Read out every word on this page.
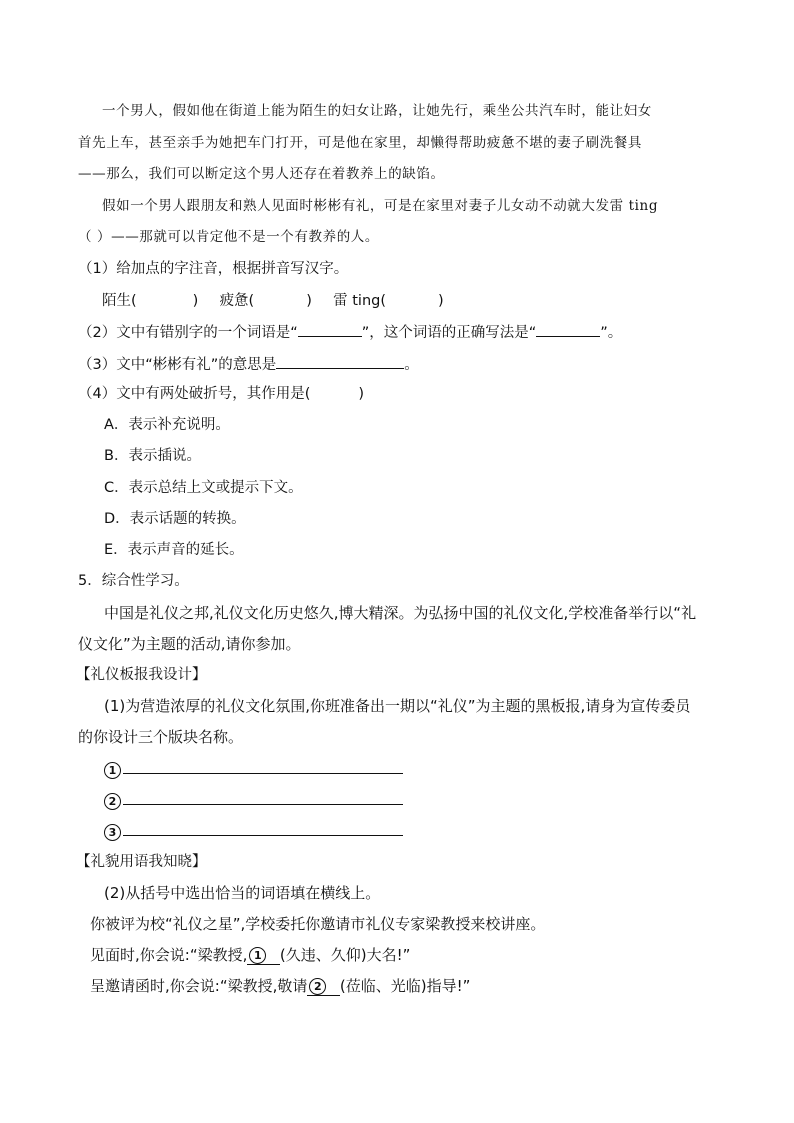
一个男人，假如他在街道上能为陌生的妇女让路，让她先行，乘坐公共汽车时，能让妇女
首先上车，甚至亲手为她把车门打开，可是他在家里，却懒得帮助疲惫不堪的妻子刷洗餐具
——那么，我们可以断定这个男人还存在着教养上的缺馅。
假如一个男人跟朋友和熟人见面时彬彬有礼，可是在家里对妻子儿女动不动就大发雷 ting
（ ）——那就可以肯定他不是一个有教养的人。
（1）给加点的字注音，根据拼音写汉字。
陌生(	) 疲惫(	) 雷 ting(	)
（2）文中有错别字的一个词语是“	”，这个词语的正确写法是“	”。
（3）文中“彬彬有礼”的意思是	。
（4）文中有两处破折号，其作用是(	)
A．表示补充说明。
B．表示插说。
C．表示总结上文或提示下文。
D．表示话题的转换。
E．表示声音的延长。
5．综合性学习。
中国是礼仪之邦,礼仪文化历史悠久,博大精深。为弘扬中国的礼仪文化,学校准备举行以“礼
仪文化”为主题的活动,请你参加。
【礼仪板报我设计】
(1)为营造浓厚的礼仪文化氛围,你班准备出一期以“礼仪”为主题的黑板报,请身为宣传委员
的你设计三个版块名称。
1
2
3
【礼貌用语我知晓】
(2)从括号中选出恰当的词语填在横线上。
你被评为校“礼仪之星”,学校委托你邀请市礼仪专家梁教授来校讲座。
见面时,你会说:“梁教授, 1 (久违、久仰)大名!”
呈邀请函时,你会说:“梁教授,敬请 2 (莅临、光临)指导!”
